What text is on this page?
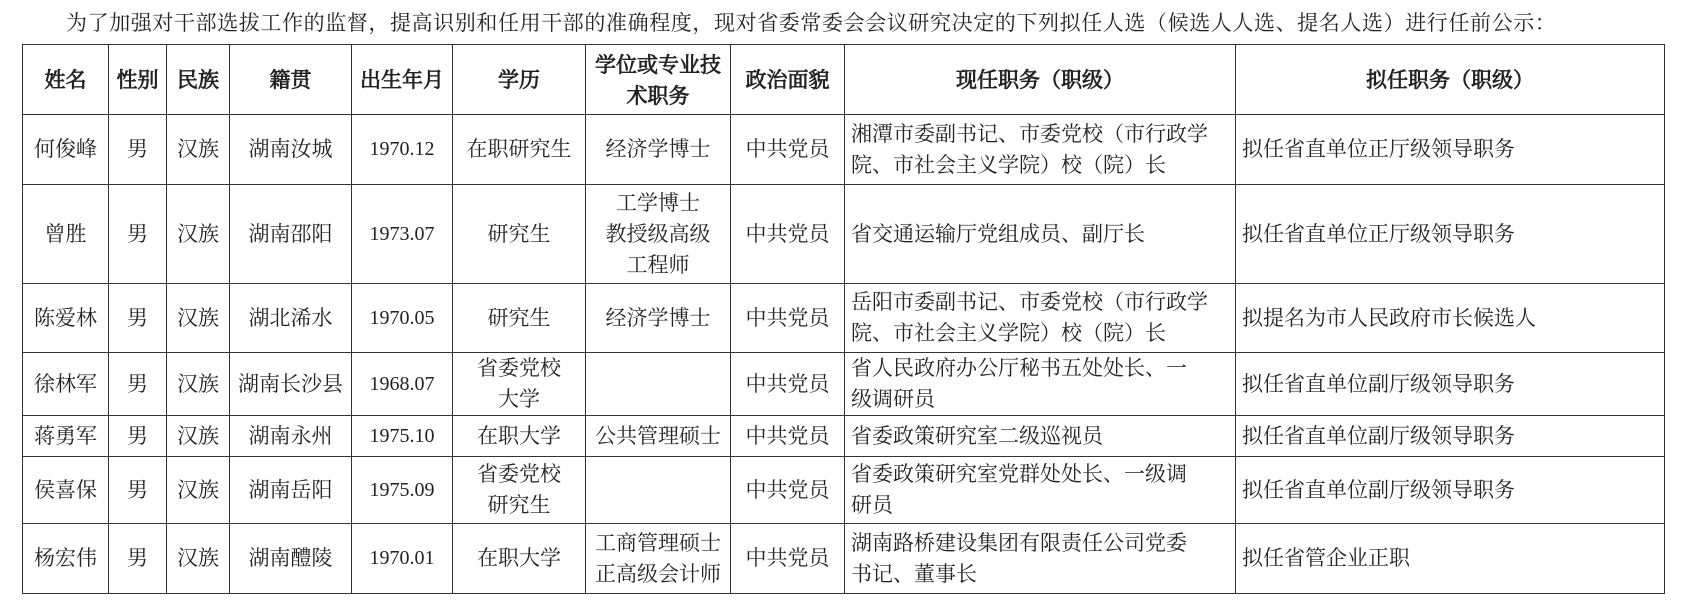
为了加强对干部选拔工作的监督，提高识别和任用干部的准确程度，现对省委常委会会议研究决定的下列拟任人选（候选人人选、提名人选）进行任前公示：
姓名	性别	民族	籍贯	出生年月	学历	学位或专业技
术职务	政治面貌	现任职务（职级）	拟任职务（职级）
何俊峰	男	汉族	湖南汝城	1970.12	在职研究生	经济学博士	中共党员	湘潭市委副书记、市委党校（市行政学
院、市社会主义学院）校（院）长	拟任省直单位正厅级领导职务
曾胜	男	汉族	湖南邵阳	1973.07	研究生	工学博士
教授级高级
工程师	中共党员	省交通运输厅党组成员、副厅长	拟任省直单位正厅级领导职务
陈爱林	男	汉族	湖北浠水	1970.05	研究生	经济学博士	中共党员	岳阳市委副书记、市委党校（市行政学
院、市社会主义学院）校（院）长	拟提名为市人民政府市长候选人
徐林军	男	汉族	湖南长沙县	1968.07	省委党校
大学		中共党员	省人民政府办公厅秘书五处处长、一
级调研员	拟任省直单位副厅级领导职务
蒋勇军	男	汉族	湖南永州	1975.10	在职大学	公共管理硕士	中共党员	省委政策研究室二级巡视员	拟任省直单位副厅级领导职务
侯喜保	男	汉族	湖南岳阳	1975.09	省委党校
研究生		中共党员	省委政策研究室党群处处长、一级调
研员	拟任省直单位副厅级领导职务
杨宏伟	男	汉族	湖南醴陵	1970.01	在职大学	工商管理硕士
正高级会计师	中共党员	湖南路桥建设集团有限责任公司党委
书记、董事长	拟任省管企业正职
